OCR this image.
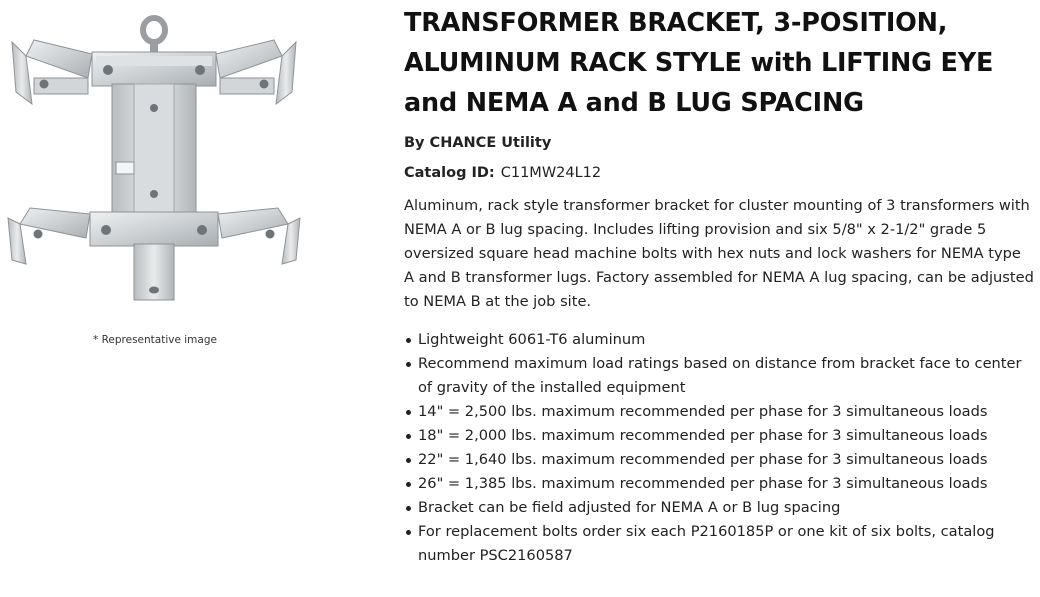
* Representative image
TRANSFORMER BRACKET, 3-POSITION, ALUMINUM RACK STYLE with LIFTING EYE and NEMA A and B LUG SPACING
By CHANCE Utility
Catalog ID: C11MW24L12
Aluminum, rack style transformer bracket for cluster mounting of 3 transformers with NEMA A or B lug spacing. Includes lifting provision and six 5/8" x 2-1/2" grade 5 oversized square head machine bolts with hex nuts and lock washers for NEMA type A and B transformer lugs. Factory assembled for NEMA A lug spacing, can be adjusted to NEMA B at the job site.
Lightweight 6061-T6 aluminum
Recommend maximum load ratings based on distance from bracket face to center of gravity of the installed equipment
14" = 2,500 lbs. maximum recommended per phase for 3 simultaneous loads
18" = 2,000 lbs. maximum recommended per phase for 3 simultaneous loads
22" = 1,640 lbs. maximum recommended per phase for 3 simultaneous loads
26" = 1,385 lbs. maximum recommended per phase for 3 simultaneous loads
Bracket can be field adjusted for NEMA A or B lug spacing
For replacement bolts order six each P2160185P or one kit of six bolts, catalog number PSC2160587
